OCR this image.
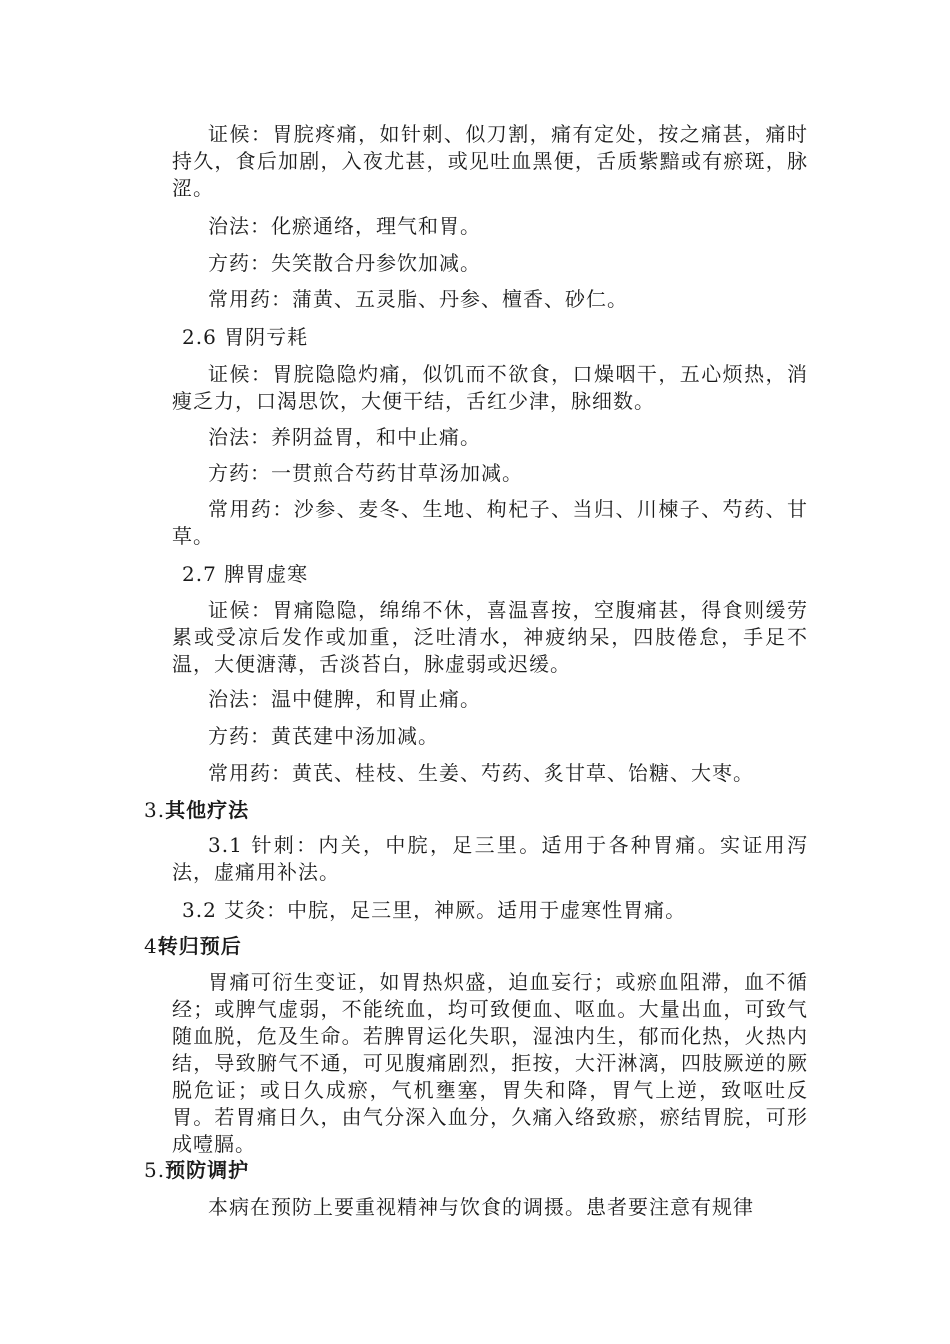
证候：胃脘疼痛，如针刺、似刀割，痛有定处，按之痛甚，痛时持久，食后加剧，入夜尤甚，或见吐血黑便，舌质紫黯或有瘀斑，脉涩。
治法：化瘀通络，理气和胃。
方药：失笑散合丹参饮加减。
常用药：蒲黄、五灵脂、丹参、檀香、砂仁。
2.6 胃阴亏耗
证候：胃脘隐隐灼痛，似饥而不欲食，口燥咽干，五心烦热，消瘦乏力，口渴思饮，大便干结，舌红少津，脉细数。
治法：养阴益胃，和中止痛。
方药：一贯煎合芍药甘草汤加减。
常用药：沙参、麦冬、生地、枸杞子、当归、川楝子、芍药、甘草。
2.7 脾胃虚寒
证候：胃痛隐隐，绵绵不休，喜温喜按，空腹痛甚，得食则缓劳累或受凉后发作或加重，泛吐清水，神疲纳呆，四肢倦怠，手足不温，大便溏薄，舌淡苔白，脉虚弱或迟缓。
治法：温中健脾，和胃止痛。
方药：黄芪建中汤加减。
常用药：黄芪、桂枝、生姜、芍药、炙甘草、饴糖、大枣。
3.其他疗法
3.1 针刺：内关，中脘，足三里。适用于各种胃痛。实证用泻法，虚痛用补法。
3.2 艾灸：中脘，足三里，神厥。适用于虚寒性胃痛。
4转归预后
胃痛可衍生变证，如胃热炽盛，迫血妄行；或瘀血阻滞，血不循经；或脾气虚弱，不能统血，均可致便血、呕血。大量出血，可致气随血脱，危及生命。若脾胃运化失职，湿浊内生，郁而化热，火热内结，导致腑气不通，可见腹痛剧烈，拒按，大汗淋漓，四肢厥逆的厥脱危证；或日久成瘀，气机壅塞，胃失和降，胃气上逆，致呕吐反胃。若胃痛日久，由气分深入血分，久痛入络致瘀，瘀结胃脘，可形成噎膈。
5.预防调护
本病在预防上要重视精神与饮食的调摄。患者要注意有规律
